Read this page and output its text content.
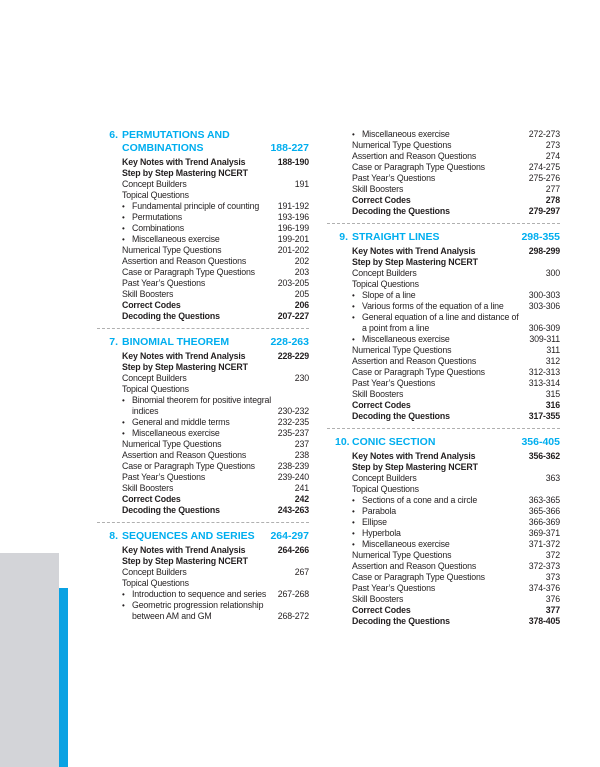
6. PERMUTATIONS AND COMBINATIONS	188-227
Key Notes with Trend Analysis	188-190
Step by Step Mastering NCERT
Concept Builders	191
Topical Questions
• Fundamental principle of counting	191-192
• Permutations	193-196
• Combinations	196-199
• Miscellaneous exercise	199-201
Numerical Type Questions	201-202
Assertion and Reason Questions	202
Case or Paragraph Type Questions	203
Past Year’s Questions	203-205
Skill Boosters	205
Correct Codes	206
Decoding the Questions	207-227
7. BINOMIAL THEOREM	228-263
Key Notes with Trend Analysis	228-229
Step by Step Mastering NCERT
Concept Builders	230
Topical Questions
• Binomial theorem for positive integral indices	230-232
• General and middle terms	232-235
• Miscellaneous exercise	235-237
Numerical Type Questions	237
Assertion and Reason Questions	238
Case or Paragraph Type Questions	238-239
Past Year’s Questions	239-240
Skill Boosters	241
Correct Codes	242
Decoding the Questions	243-263
8. SEQUENCES AND SERIES	264-297
Key Notes with Trend Analysis	264-266
Step by Step Mastering NCERT
Concept Builders	267
Topical Questions
• Introduction to sequence and series	267-268
• Geometric progression relationship between AM and GM	268-272
• Miscellaneous exercise	272-273
Numerical Type Questions	273
Assertion and Reason Questions	274
Case or Paragraph Type Questions	274-275
Past Year’s Questions	275-276
Skill Boosters	277
Correct Codes	278
Decoding the Questions	279-297
9. STRAIGHT LINES	298-355
Key Notes with Trend Analysis	298-299
Step by Step Mastering NCERT
Concept Builders	300
Topical Questions
• Slope of a line	300-303
• Various forms of the equation of a line	303-306
• General equation of a line and distance of a point from a line	306-309
• Miscellaneous exercise	309-311
Numerical Type Questions	311
Assertion and Reason Questions	312
Case or Paragraph Type Questions	312-313
Past Year’s Questions	313-314
Skill Boosters	315
Correct Codes	316
Decoding the Questions	317-355
10. CONIC SECTION	356-405
Key Notes with Trend Analysis	356-362
Step by Step Mastering NCERT
Concept Builders	363
Topical Questions
• Sections of a cone and a circle	363-365
• Parabola	365-366
• Ellipse	366-369
• Hyperbola	369-371
• Miscellaneous exercise	371-372
Numerical Type Questions	372
Assertion and Reason Questions	372-373
Case or Paragraph Type Questions	373
Past Year’s Questions	374-376
Skill Boosters	376
Correct Codes	377
Decoding the Questions	378-405
